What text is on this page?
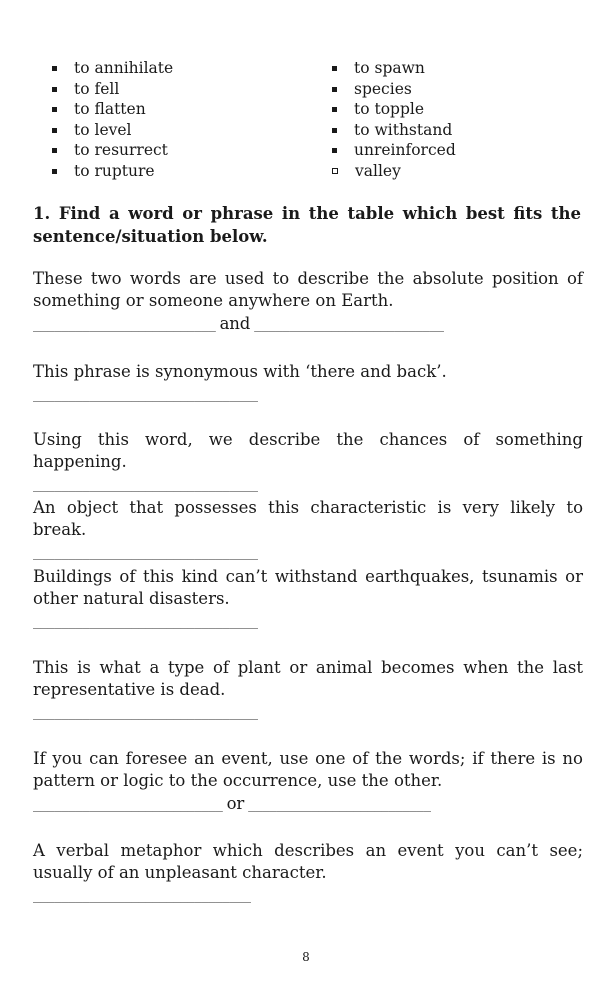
to annihilate
to fell
to flatten
to level
to resurrect
to rupture
to spawn
species
to topple
to withstand
unreinforced
valley
1. Find a word or phrase in the table which best fits the sentence/situation below.
These two words are used to describe the absolute position of something or someone anywhere on Earth.
__________________________ and ___________________________
This phrase is synonymous with ‘there and back’.
________________________________
Using this word, we describe the chances of something happening.
________________________________
An object that possesses this characteristic is very likely to break.
________________________________
Buildings of this kind can’t withstand earthquakes, tsunamis or other natural disasters.
________________________________
This is what a type of plant or animal becomes when the last representative is dead.
________________________________
If you can foresee an event, use one of the words; if there is no pattern or logic to the occurrence, use the other.
___________________________ or __________________________
A verbal metaphor which describes an event you can’t see; usually of an unpleasant character.
_______________________________
8
